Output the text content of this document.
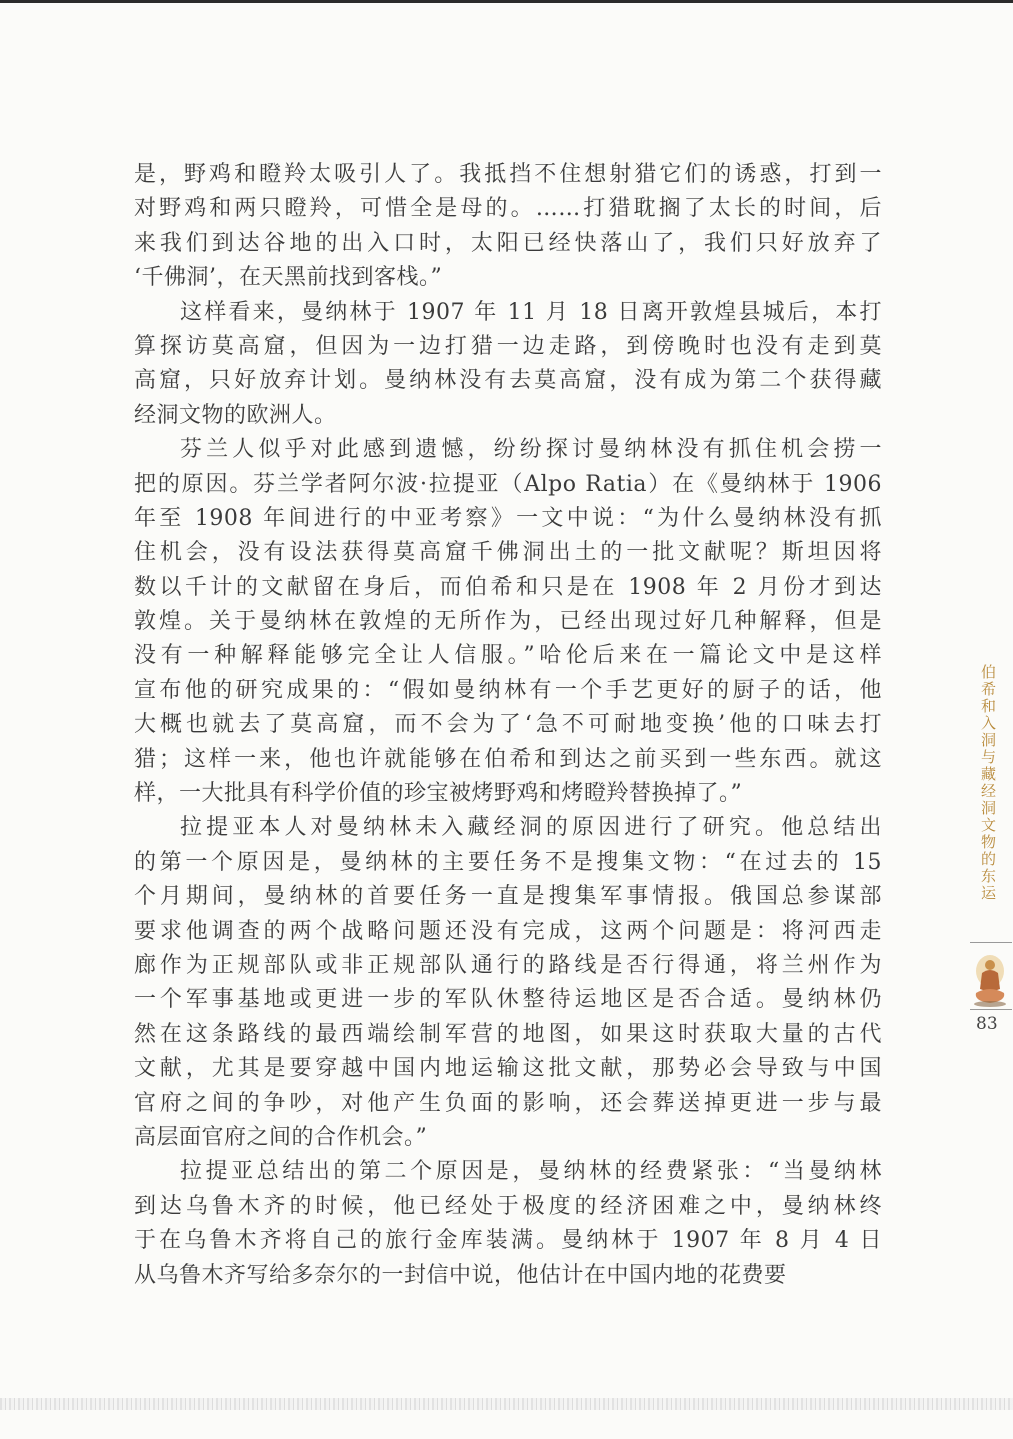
是，野鸡和瞪羚太吸引人了。我抵挡不住想射猎它们的诱惑，打到一
对野鸡和两只瞪羚，可惜全是母的。……打猎耽搁了太长的时间，后
来我们到达谷地的出入口时，太阳已经快落山了，我们只好放弃了
‘千佛洞’，在天黑前找到客栈。”
这样看来，曼纳林于 1907 年 11 月 18 日离开敦煌县城后，本打
算探访莫高窟，但因为一边打猎一边走路，到傍晚时也没有走到莫
高窟，只好放弃计划。曼纳林没有去莫高窟，没有成为第二个获得藏
经洞文物的欧洲人。
芬兰人似乎对此感到遗憾，纷纷探讨曼纳林没有抓住机会捞一
把的原因。芬兰学者阿尔波·拉提亚（Alpo Ratia）在《曼纳林于 1906
年至 1908 年间进行的中亚考察》一文中说：“为什么曼纳林没有抓
住机会，没有设法获得莫高窟千佛洞出土的一批文献呢？斯坦因将
数以千计的文献留在身后，而伯希和只是在 1908 年 2 月份才到达
敦煌。关于曼纳林在敦煌的无所作为，已经出现过好几种解释，但是
没有一种解释能够完全让人信服。”哈伦后来在一篇论文中是这样
宣布他的研究成果的：“假如曼纳林有一个手艺更好的厨子的话，他
大概也就去了莫高窟，而不会为了‘急不可耐地变换’他的口味去打
猎；这样一来，他也许就能够在伯希和到达之前买到一些东西。就这
样，一大批具有科学价值的珍宝被烤野鸡和烤瞪羚替换掉了。”
拉提亚本人对曼纳林未入藏经洞的原因进行了研究。他总结出
的第一个原因是，曼纳林的主要任务不是搜集文物：“在过去的 15
个月期间，曼纳林的首要任务一直是搜集军事情报。俄国总参谋部
要求他调查的两个战略问题还没有完成，这两个问题是：将河西走
廊作为正规部队或非正规部队通行的路线是否行得通，将兰州作为
一个军事基地或更进一步的军队休整待运地区是否合适。曼纳林仍
然在这条路线的最西端绘制军营的地图，如果这时获取大量的古代
文献，尤其是要穿越中国内地运输这批文献，那势必会导致与中国
官府之间的争吵，对他产生负面的影响，还会葬送掉更进一步与最
高层面官府之间的合作机会。”
拉提亚总结出的第二个原因是，曼纳林的经费紧张：“当曼纳林
到达乌鲁木齐的时候，他已经处于极度的经济困难之中，曼纳林终
于在乌鲁木齐将自己的旅行金库装满。曼纳林于 1907 年 8 月 4 日
从乌鲁木齐写给多奈尔的一封信中说，他估计在中国内地的花费要
伯希和入洞与藏经洞文物的东运
83
